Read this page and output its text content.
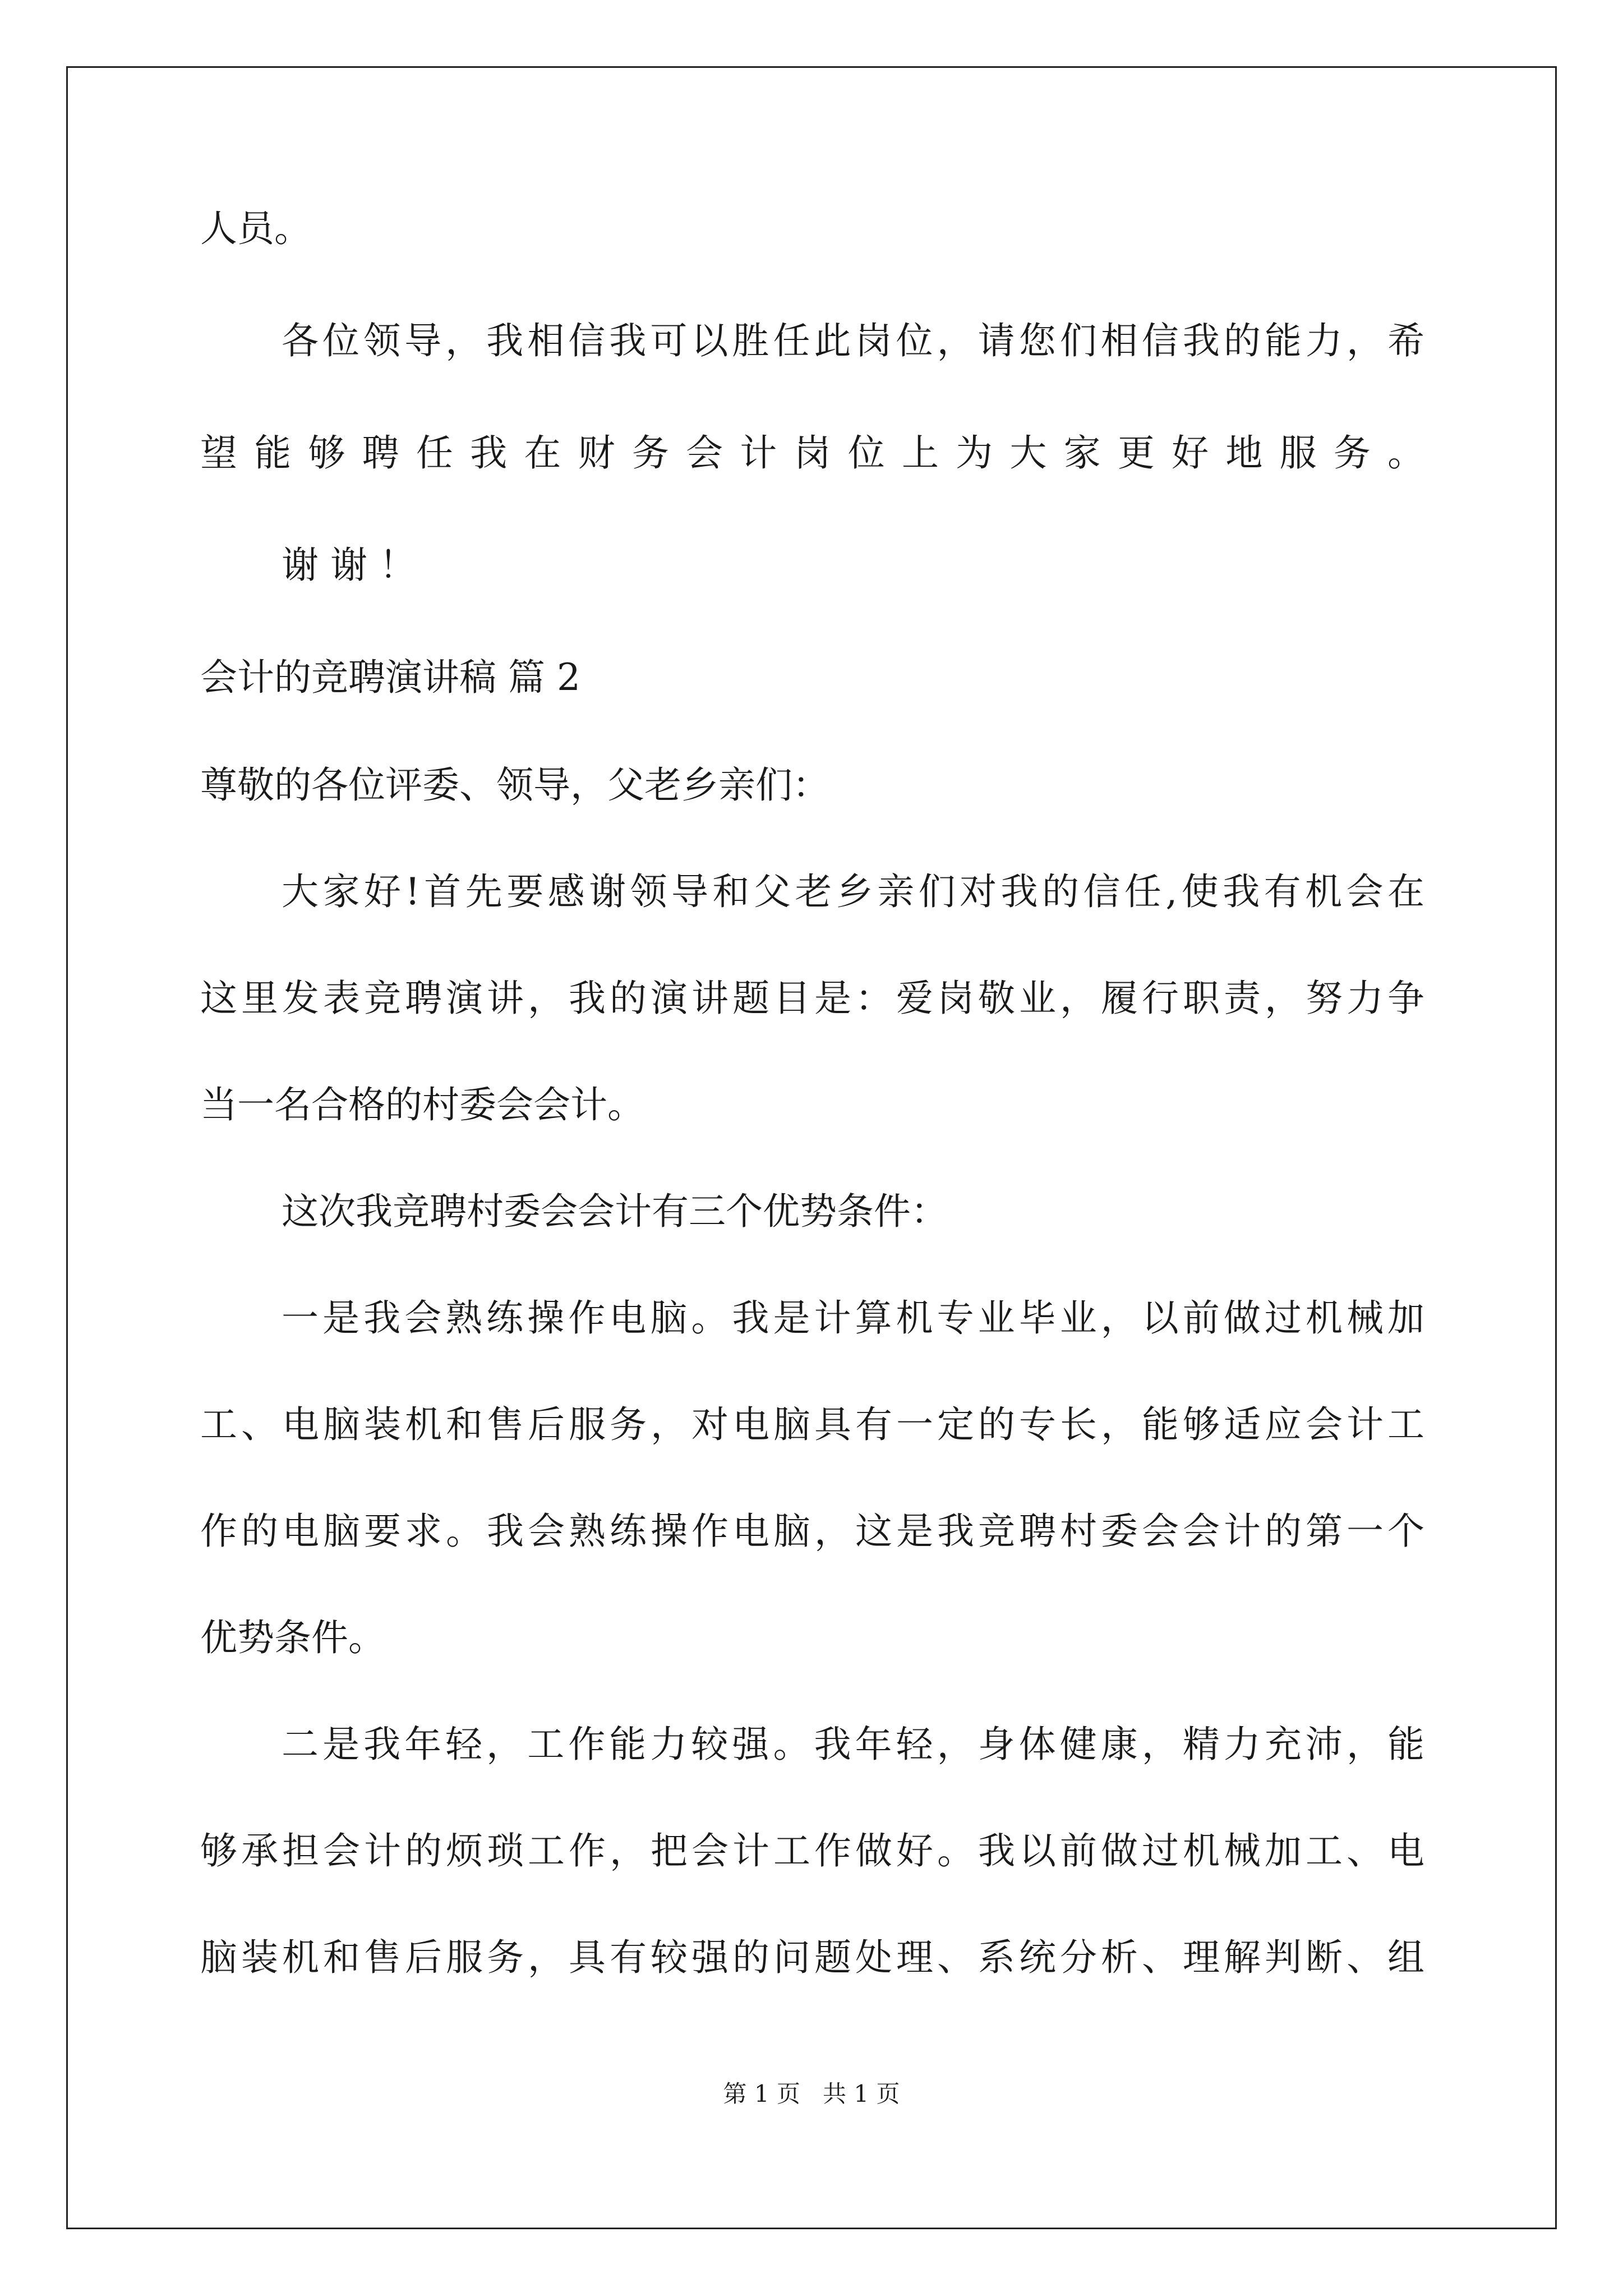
人员。
各位领导，我相信我可以胜任此岗位，请您们相信我的能力，希
望能够聘任我在财务会计岗位上为大家更好地服务。
谢 谢 ！
会计的竞聘演讲稿 篇 2
尊敬的各位评委、领导，父老乡亲们：
大家好!首先要感谢领导和父老乡亲们对我的信任,使我有机会在
这里发表竞聘演讲，我的演讲题目是：爱岗敬业，履行职责，努力争
当一名合格的村委会会计。
这次我竞聘村委会会计有三个优势条件：
一是我会熟练操作电脑。我是计算机专业毕业，以前做过机械加
工、电脑装机和售后服务，对电脑具有一定的专长，能够适应会计工
作的电脑要求。我会熟练操作电脑，这是我竞聘村委会会计的第一个
优势条件。
二是我年轻，工作能力较强。我年轻，身体健康，精力充沛，能
够承担会计的烦琐工作，把会计工作做好。我以前做过机械加工、电
脑装机和售后服务，具有较强的问题处理、系统分析、理解判断、组
第 1 页   共 1 页
